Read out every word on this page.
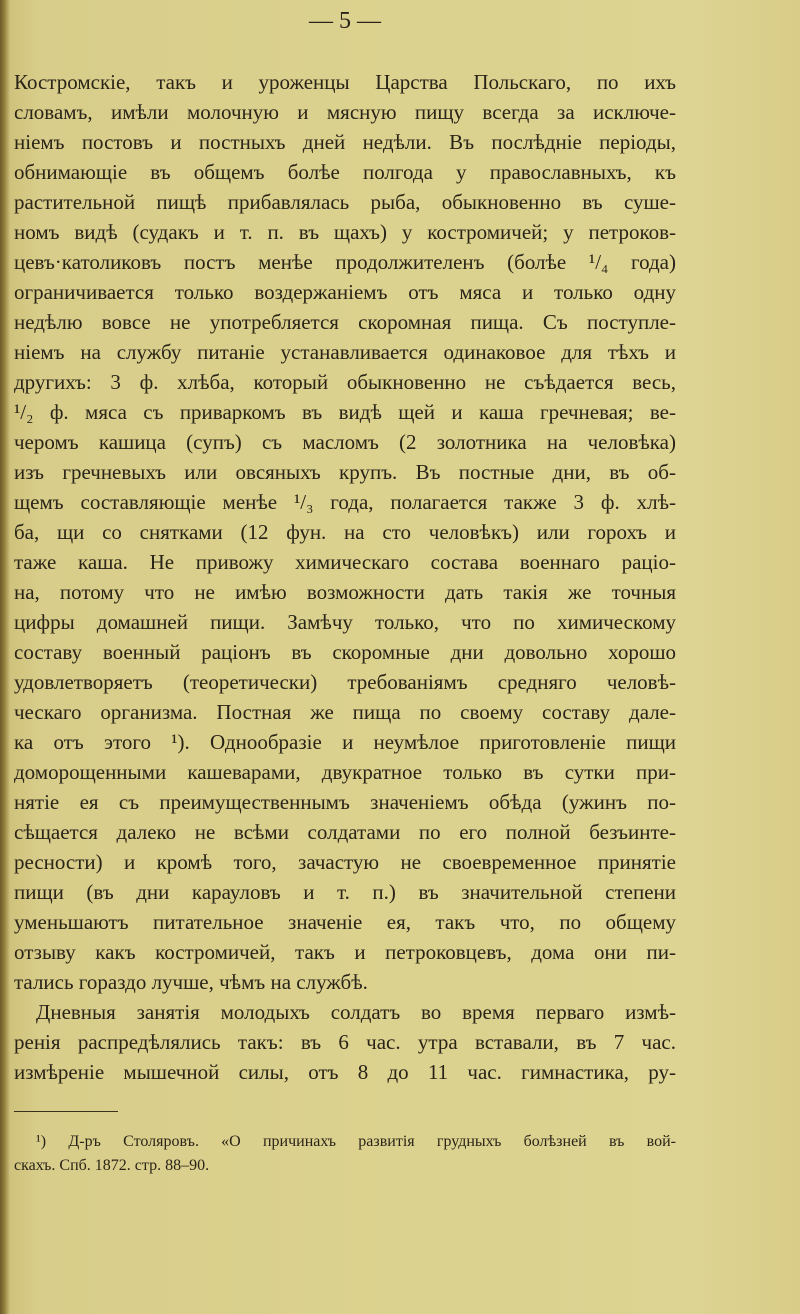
— 5 —
Костромскіе, такъ и уроженцы Царства Польскаго, по ихъ
словамъ, имѣли молочную и мясную пищу всегда за исключе-
ніемъ постовъ и постныхъ дней недѣли. Въ послѣдніе періоды,
обнимающіе въ общемъ болѣе полгода у православныхъ, къ
растительной пищѣ прибавлялась рыба, обыкновенно въ суше-
номъ видѣ (судакъ и т. п. въ щахъ) у костромичей; у петроков-
цевъ·католиковъ постъ менѣе продолжителенъ (болѣе ¹/₄ года)
ограничивается только воздержаніемъ отъ мяса и только одну
недѣлю вовсе не употребляется скоромная пища. Съ поступле-
ніемъ на службу питаніе устанавливается одинаковое для тѣхъ и
другихъ: 3 ф. хлѣба, который обыкновенно не съѣдается весь,
¹/₂ ф. мяса съ приваркомъ въ видѣ щей и каша гречневая; ве-
черомъ кашица (супъ) съ масломъ (2 золотника на человѣка)
изъ гречневыхъ или овсяныхъ крупъ. Въ постные дни, въ об-
щемъ составляющіе менѣе ¹/₃ года, полагается также 3 ф. хлѣ-
ба, щи со снятками (12 фун. на сто человѣкъ) или горохъ и
таже каша. Не привожу химическаго состава военнаго раціо-
на, потому что не имѣю возможности дать такія же точныя
цифры домашней пищи. Замѣчу только, что по химическому
составу военный раціонъ въ скоромные дни довольно хорошо
удовлетворяетъ (теоретически) требованіямъ средняго человѣ-
ческаго организма. Постная же пища по своему составу дале-
ка отъ этого ¹). Однообразіе и неумѣлое приготовленіе пищи
доморощенными кашеварами, двукратное только въ сутки при-
нятіе ея съ преимущественнымъ значеніемъ обѣда (ужинъ по-
сѣщается далеко не всѣми солдатами по его полной безъинте-
ресности) и кромѣ того, зачастую не своевременное принятіе
пищи (въ дни карауловъ и т. п.) въ значительной степени
уменьшаютъ питательное значеніе ея, такъ что, по общему
отзыву какъ костромичей, такъ и петроковцевъ, дома они пи-
тались гораздо лучше, чѣмъ на службѣ.
Дневныя занятія молодыхъ солдатъ во время перваго измѣ-
ренія распредѣлялись такъ: въ 6 час. утра вставали, въ 7 час.
измѣреніе мышечной силы, отъ 8 до 11 час. гимнастика, ру-
¹) Д-ръ Столяровъ. «О причинахъ развитія грудныхъ болѣзней въ вой-
скахъ. Спб. 1872. стр. 88–90.
